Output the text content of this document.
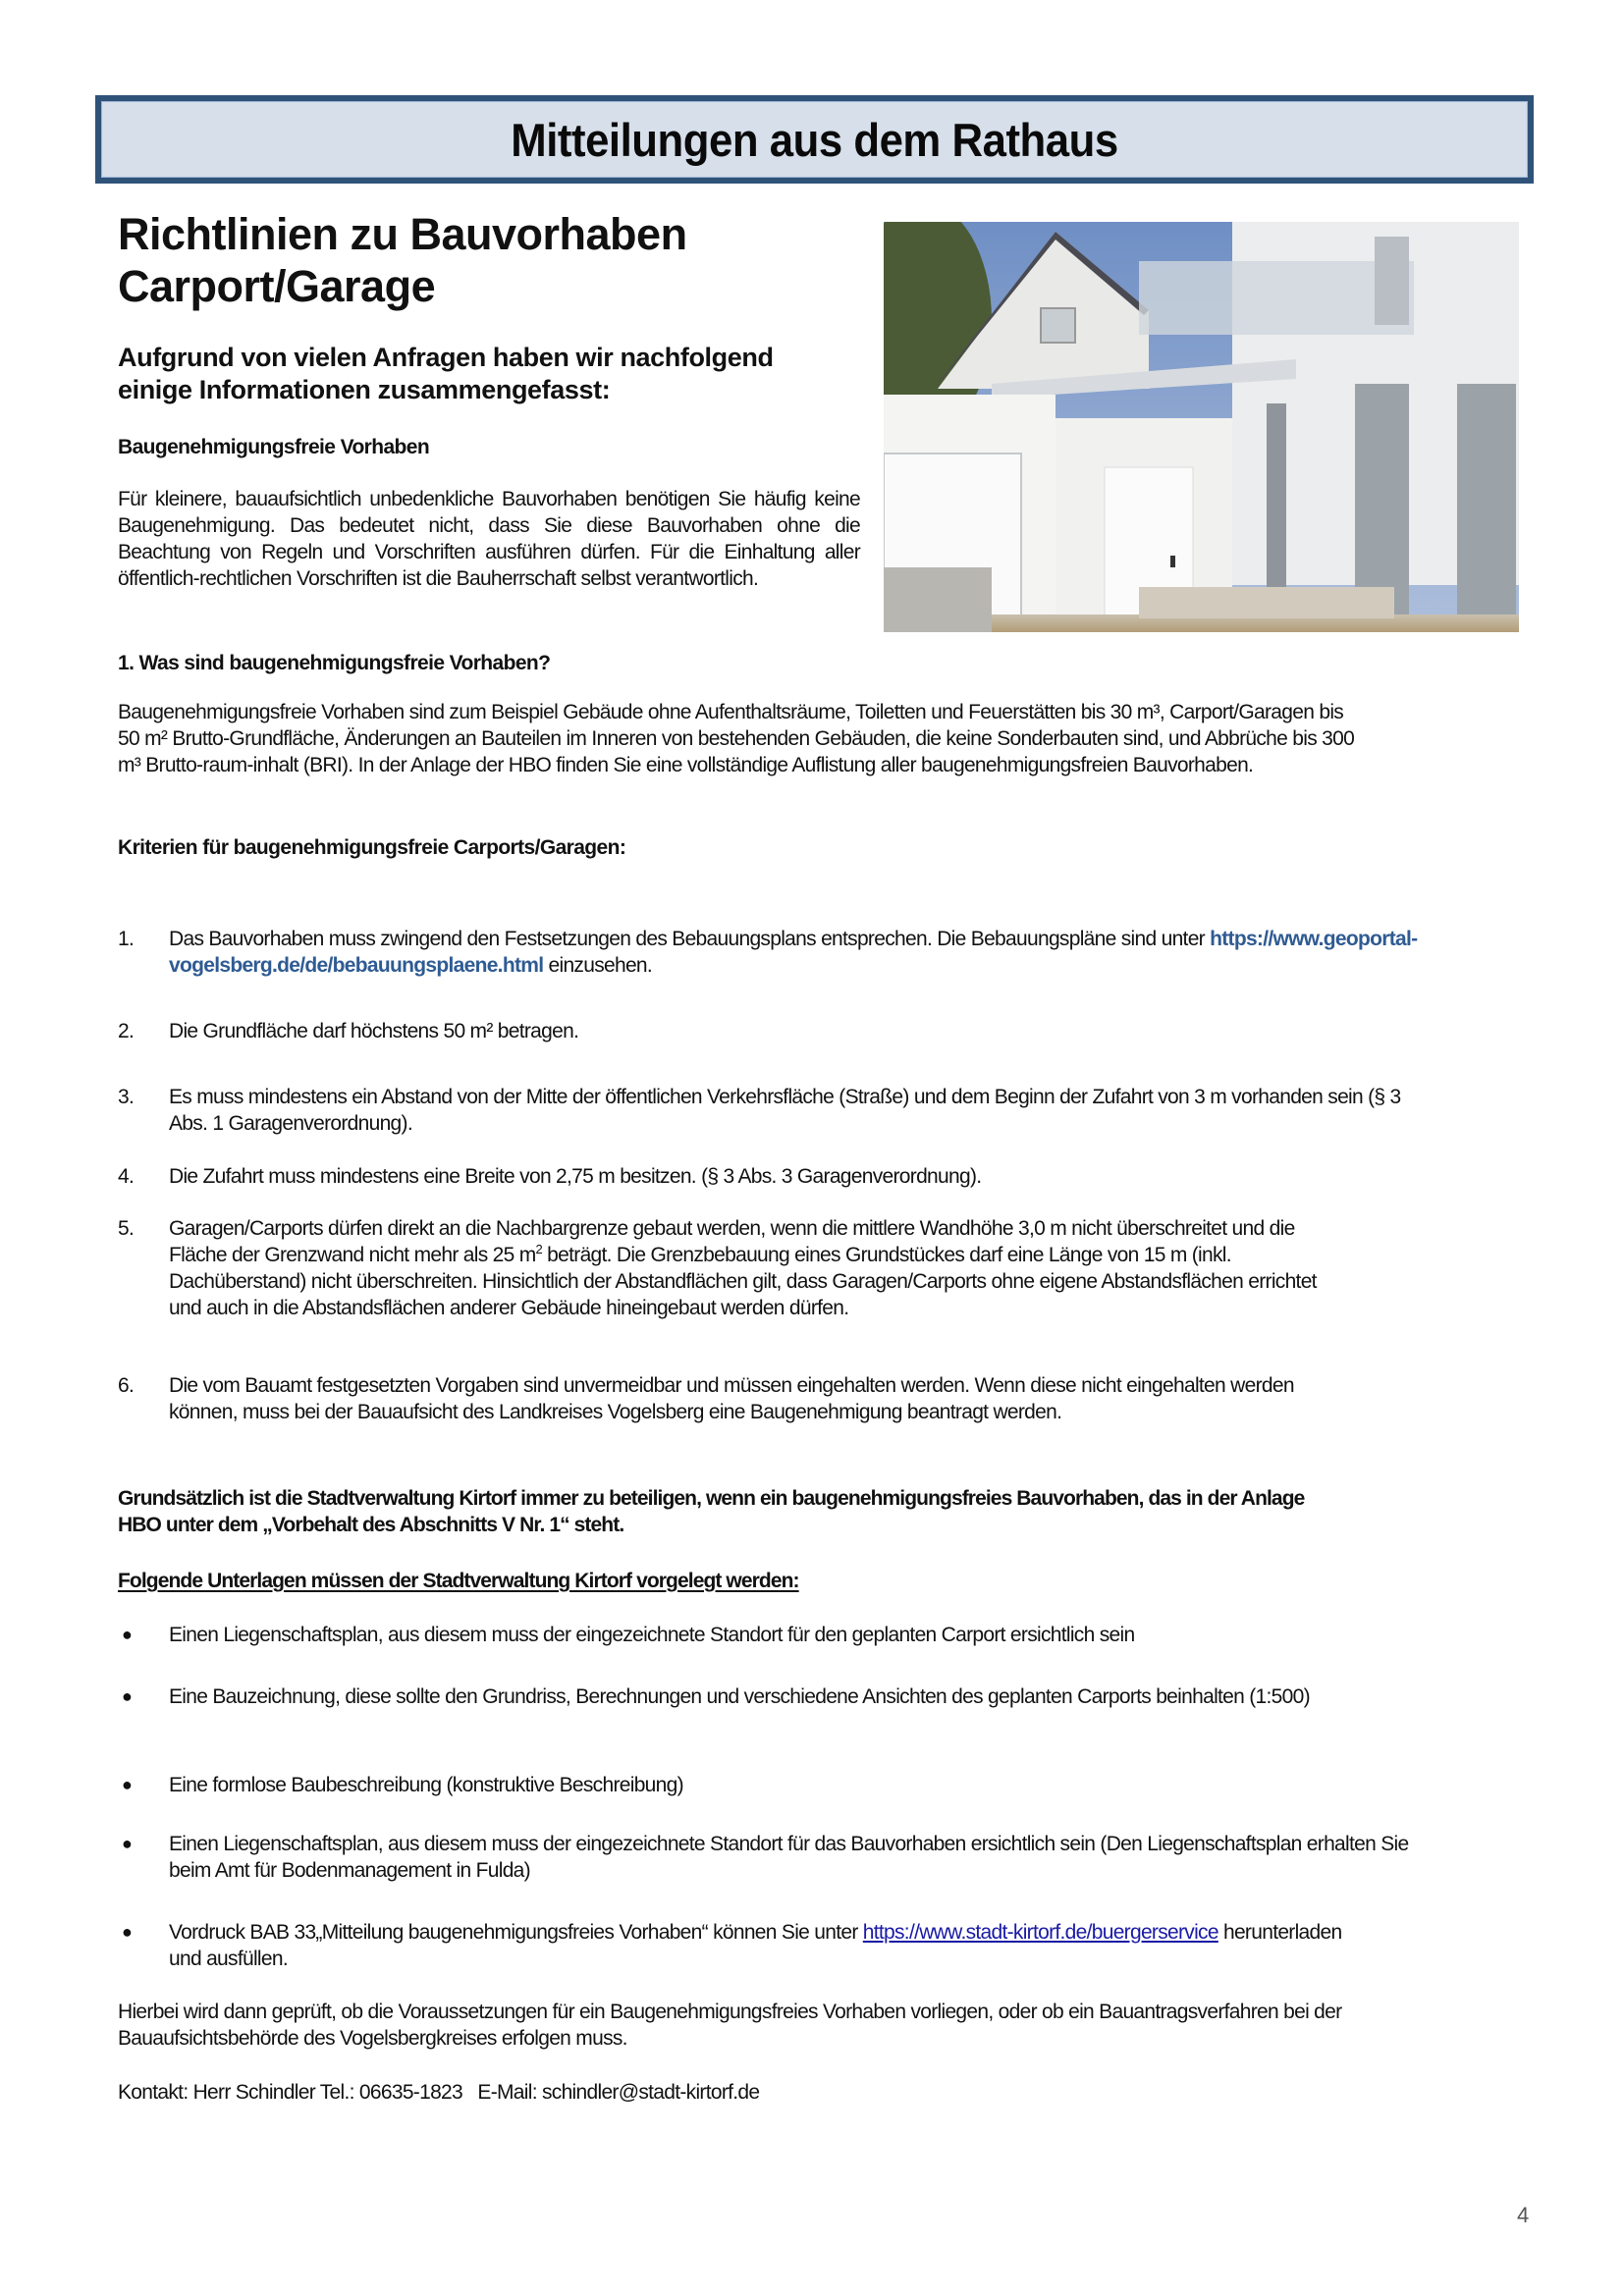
Mitteilungen aus dem Rathaus
Richtlinien zu Bauvorhaben
Carport/Garage
Aufgrund von vielen Anfragen haben wir nachfolgend
einige Informationen zusammengefasst:
Baugenehmigungsfreie Vorhaben
Für kleinere, bauaufsichtlich unbedenkliche Bauvorhaben benötigen Sie häufig keine Baugenehmigung. Das bedeutet nicht, dass Sie diese Bauvorhaben ohne die Beachtung von Regeln und Vorschriften ausführen dürfen. Für die Einhaltung aller öffentlich-rechtlichen Vorschriften ist die Bauherrschaft selbst verantwortlich.
1. Was sind baugenehmigungsfreie Vorhaben?
Baugenehmigungsfreie Vorhaben sind zum Beispiel Gebäude ohne Aufenthaltsräume, Toiletten und Feuerstätten bis 30 m³, Carport/Garagen bis 50 m² Brutto-Grundfläche, Änderungen an Bauteilen im Inneren von bestehenden Gebäuden, die keine Sonderbauten sind, und Abbrüche bis 300 m³ Brutto-raum-inhalt (BRI). In der Anlage der HBO finden Sie eine vollständige Auflistung aller baugenehmigungsfreien Bauvorhaben.
Kriterien für baugenehmigungsfreie Carports/Garagen:
1. Das Bauvorhaben muss zwingend den Festsetzungen des Bebauungsplans entsprechen. Die Bebauungspläne sind unter https://www.geoportal-vogelsberg.de/de/bebauungsplaene.html einzusehen.
2. Die Grundfläche darf höchstens 50 m² betragen.
3. Es muss mindestens ein Abstand von der Mitte der öffentlichen Verkehrsfläche (Straße) und dem Beginn der Zufahrt von 3 m vorhanden sein (§ 3 Abs. 1 Garagenverordnung).
4. Die Zufahrt muss mindestens eine Breite von 2,75 m besitzen. (§ 3 Abs. 3 Garagenverordnung).
5. Garagen/Carports dürfen direkt an die Nachbargrenze gebaut werden, wenn die mittlere Wandhöhe 3,0 m nicht überschreitet und die Fläche der Grenzwand nicht mehr als 25 $m^2$ beträgt. Die Grenzbebauung eines Grundstückes darf eine Länge von 15 m (inkl. Dachüberstand) nicht überschreiten. Hinsichtlich der Abstandflächen gilt, dass Garagen/Carports ohne eigene Abstandsflächen errichtet und auch in die Abstandsflächen anderer Gebäude hineingebaut werden dürfen.
6. Die vom Bauamt festgesetzten Vorgaben sind unvermeidbar und müssen eingehalten werden. Wenn diese nicht eingehalten werden können, muss bei der Bauaufsicht des Landkreises Vogelsberg eine Baugenehmigung beantragt werden.
Grundsätzlich ist die Stadtverwaltung Kirtorf immer zu beteiligen, wenn ein baugenehmigungsfreies Bauvorhaben, das in der Anlage HBO unter dem „Vorbehalt des Abschnitts V Nr. 1“ steht.
Folgende Unterlagen müssen der Stadtverwaltung Kirtorf vorgelegt werden:
● Einen Liegenschaftsplan, aus diesem muss der eingezeichnete Standort für den geplanten Carport ersichtlich sein
● Eine Bauzeichnung, diese sollte den Grundriss, Berechnungen und verschiedene Ansichten des geplanten Carports beinhalten (1:500)
● Eine formlose Baubeschreibung (konstruktive Beschreibung)
● Einen Liegenschaftsplan, aus diesem muss der eingezeichnete Standort für das Bauvorhaben ersichtlich sein (Den Liegenschaftsplan erhalten Sie beim Amt für Bodenmanagement in Fulda)
● Vordruck BAB 33„Mitteilung baugenehmigungsfreies Vorhaben“ können Sie unter https://www.stadt-kirtorf.de/buergerservice herunterladen und ausfüllen.
Hierbei wird dann geprüft, ob die Voraussetzungen für ein Baugenehmigungsfreies Vorhaben vorliegen, oder ob ein Bauantragsverfahren bei der Bauaufsichtsbehörde des Vogelsbergkreises erfolgen muss.
Kontakt: Herr Schindler Tel.: 06635-1823   E-Mail: schindler@stadt-kirtorf.de
4
